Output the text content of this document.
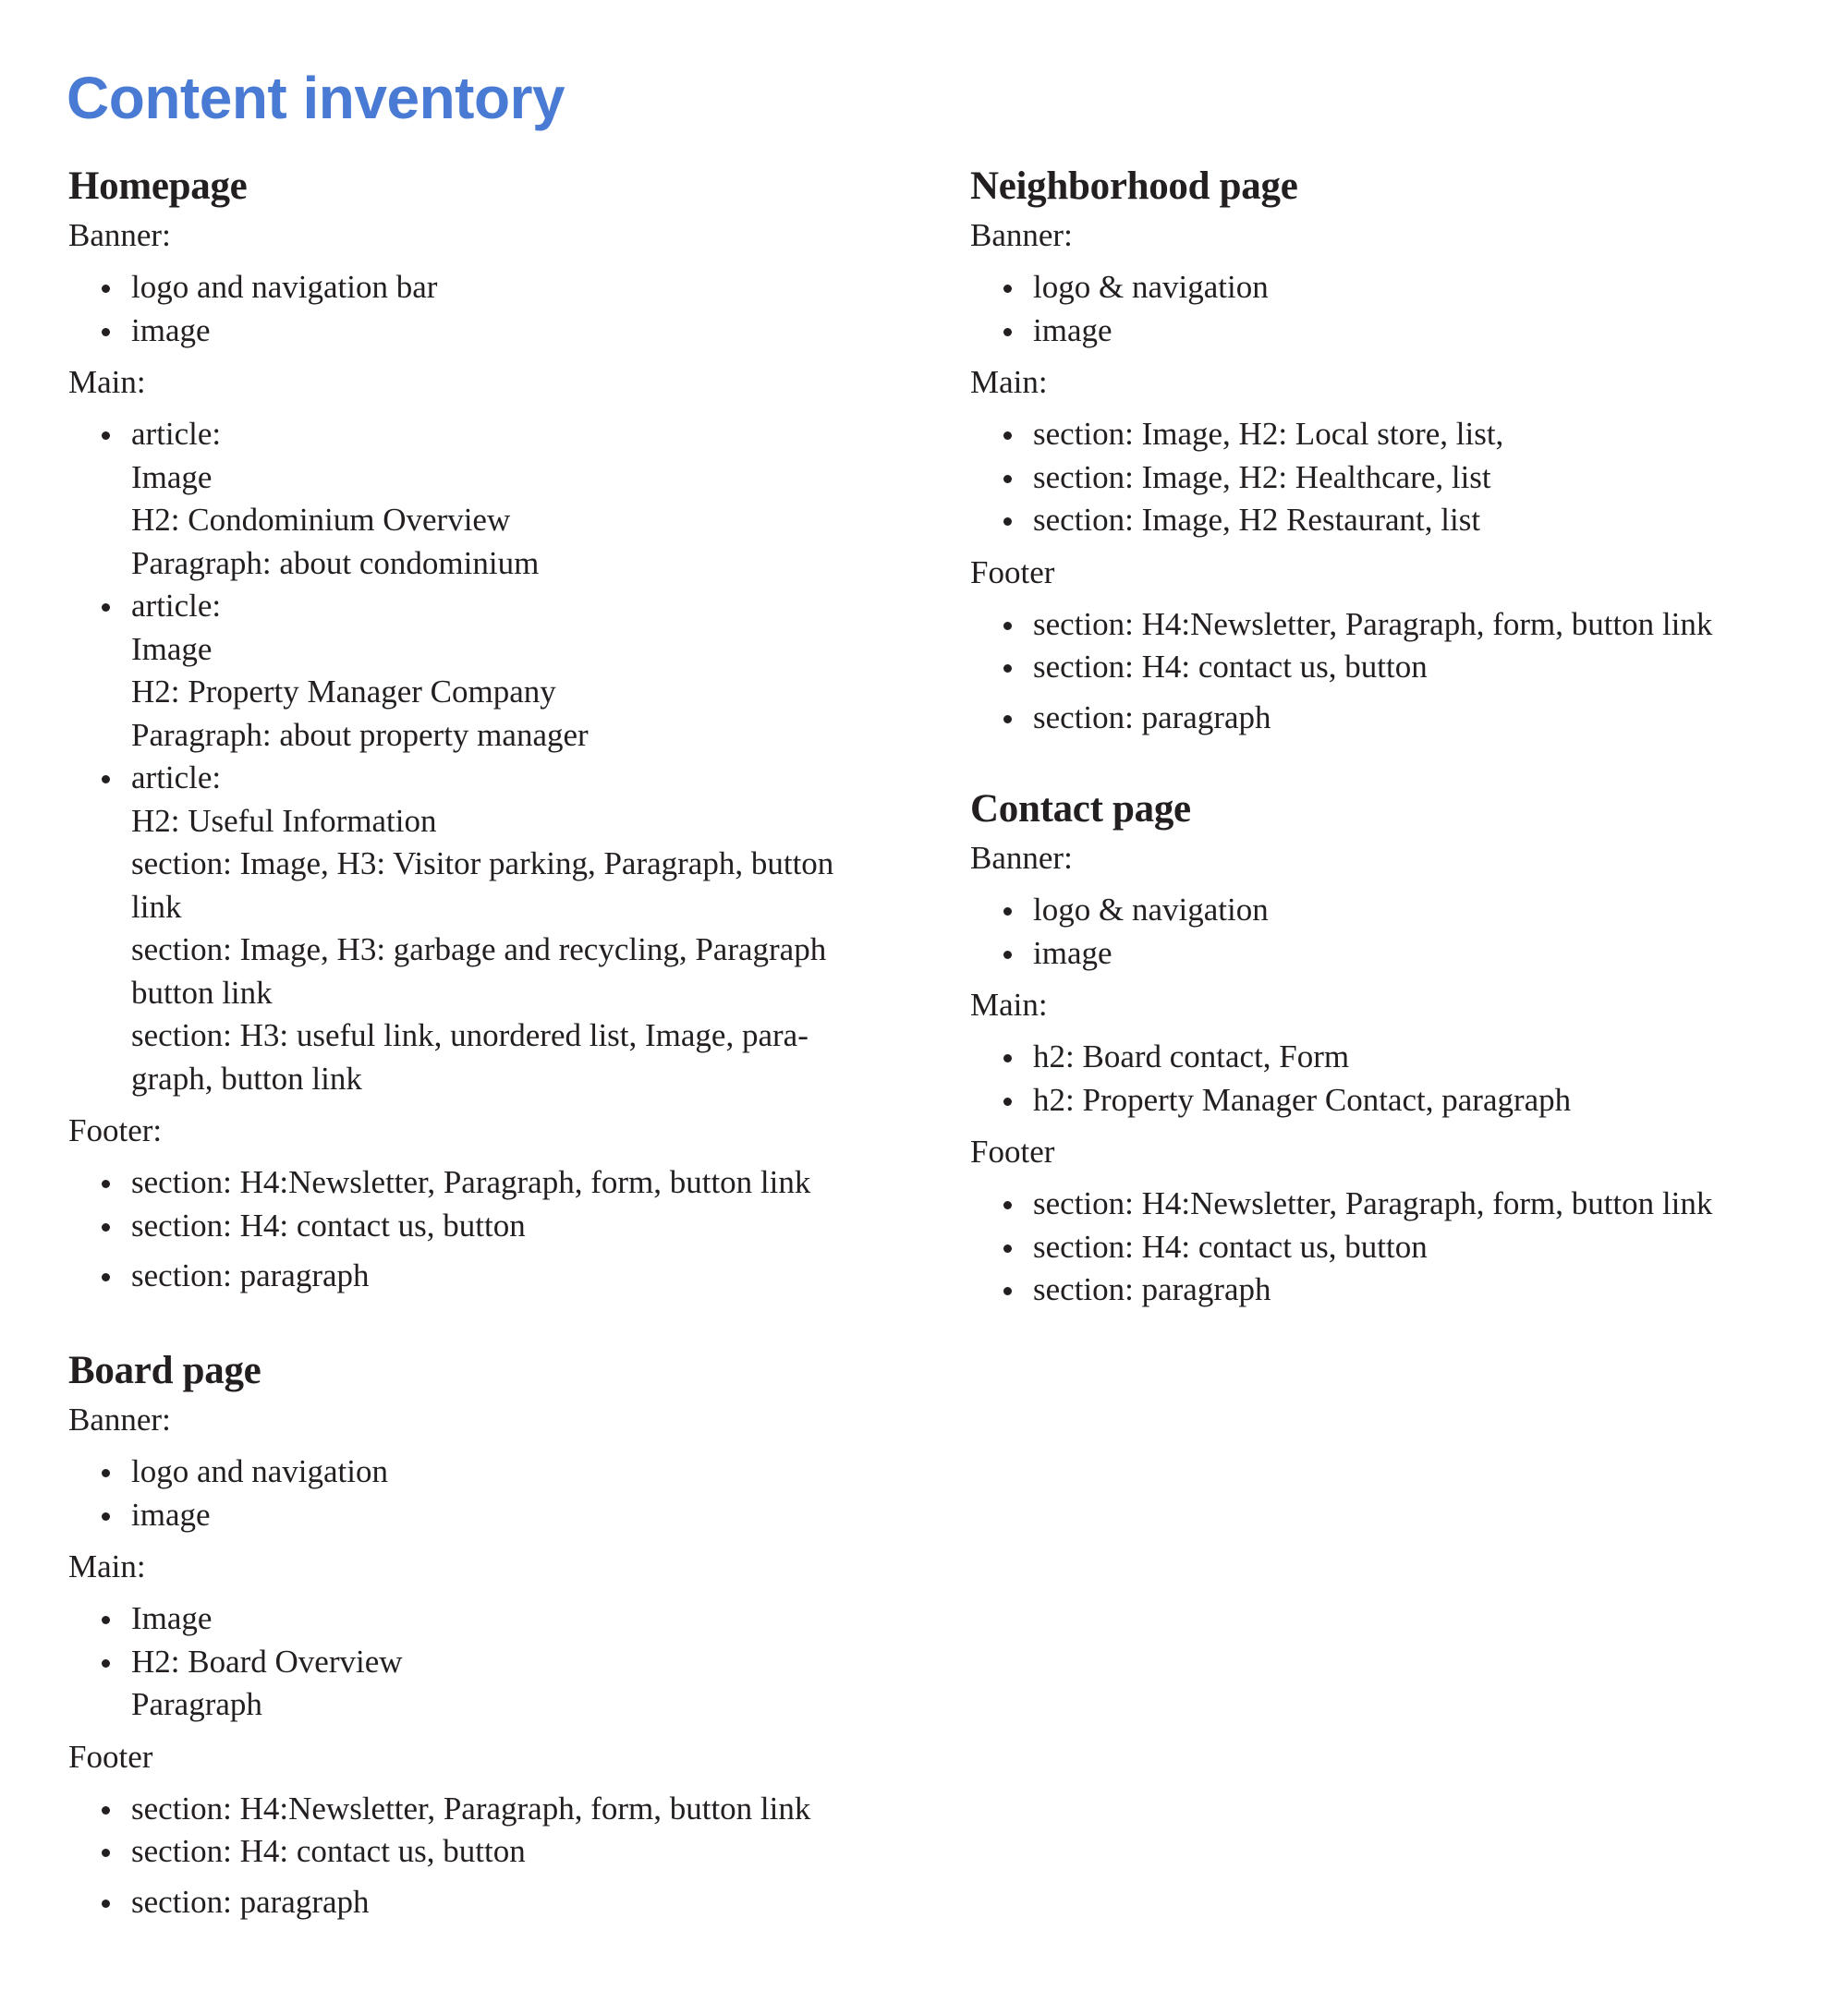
Content inventory
Homepage
Banner:
logo and navigation bar
image
Main:
article:
Image
H2: Condominium Overview
Paragraph: about condominium
article:
Image
H2: Property Manager Company
Paragraph: about property manager
article:
H2: Useful Information
section: Image, H3: Visitor parking, Paragraph, button
link
section: Image, H3: garbage and recycling, Paragraph
button link
section: H3: useful link, unordered list, Image, para-
graph, button link
Footer:
section: H4:Newsletter, Paragraph, form, button link
section: H4: contact us, button
section: paragraph
Board page
Banner:
logo and navigation
image
Main:
Image
H2: Board Overview
Paragraph
Footer
section: H4:Newsletter, Paragraph, form, button link
section: H4: contact us, button
section: paragraph
Neighborhood page
Banner:
logo & navigation
image
Main:
section: Image, H2: Local store, list,
section: Image, H2: Healthcare, list
section: Image, H2 Restaurant, list
Footer
section: H4:Newsletter, Paragraph, form, button link
section: H4: contact us, button
section: paragraph
Contact page
Banner:
logo & navigation
image
Main:
h2: Board contact, Form
h2: Property Manager Contact, paragraph
Footer
section: H4:Newsletter, Paragraph, form, button link
section: H4: contact us, button
section: paragraph
